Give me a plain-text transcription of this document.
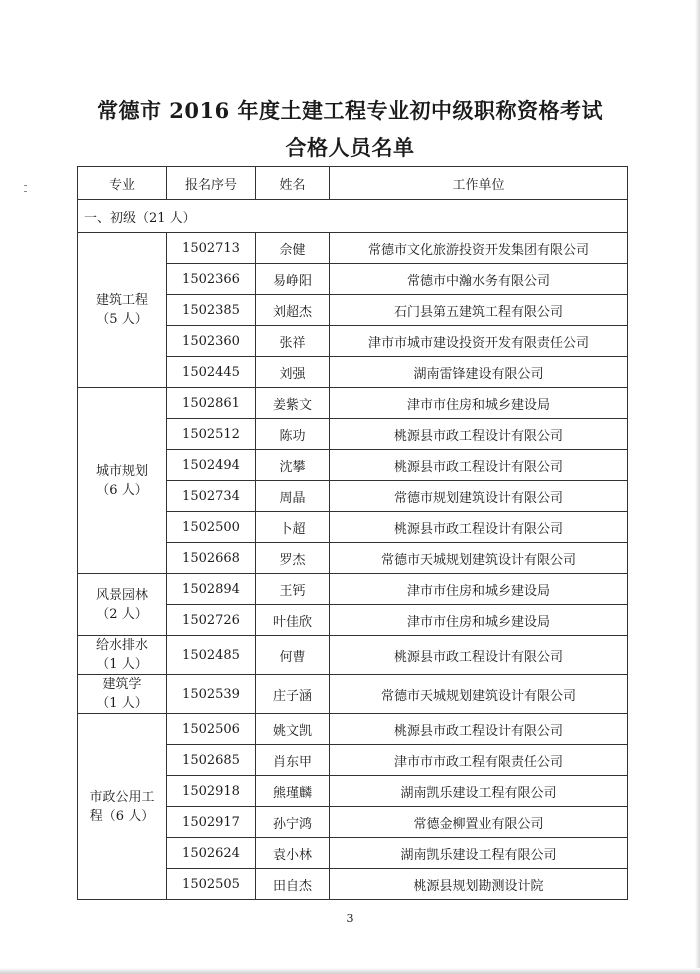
常德市 2016 年度土建工程专业初中级职称资格考试
合格人员名单
专业	报名序号	姓名	工作单位
一、初级（21 人）			

建筑工程
（5 人）	1502713	佘健	常德市文化旅游投资开发集团有限公司
	1502366	易峥阳	常德市中瀚水务有限公司
	1502385	刘超杰	石门县第五建筑工程有限公司
	1502360	张祥	津市市城市建设投资开发有限责任公司
	1502445	刘强	湖南雷锋建设有限公司

城市规划
（6 人）	1502861	姜紫文	津市市住房和城乡建设局
	1502512	陈功	桃源县市政工程设计有限公司
	1502494	沈攀	桃源县市政工程设计有限公司
	1502734	周晶	常德市规划建筑设计有限公司
	1502500	卜超	桃源县市政工程设计有限公司
	1502668	罗杰	常德市天城规划建筑设计有限公司

风景园林
（2 人）	1502894	王钙	津市市住房和城乡建设局
	1502726	叶佳欣	津市市住房和城乡建设局

给水排水
（1 人）	1502485	何曹	桃源县市政工程设计有限公司

建筑学
（1 人）	1502539	庄子涵	常德市天城规划建筑设计有限公司

市政公用工
程（6 人）	1502506	姚文凯	桃源县市政工程设计有限公司
	1502685	肖东甲	津市市市政工程有限责任公司
	1502918	熊瑾麟	湖南凯乐建设工程有限公司
	1502917	孙宁鸿	常德金柳置业有限公司
	1502624	袁小林	湖南凯乐建设工程有限公司
	1502505	田自杰	桃源县规划勘测设计院
3
